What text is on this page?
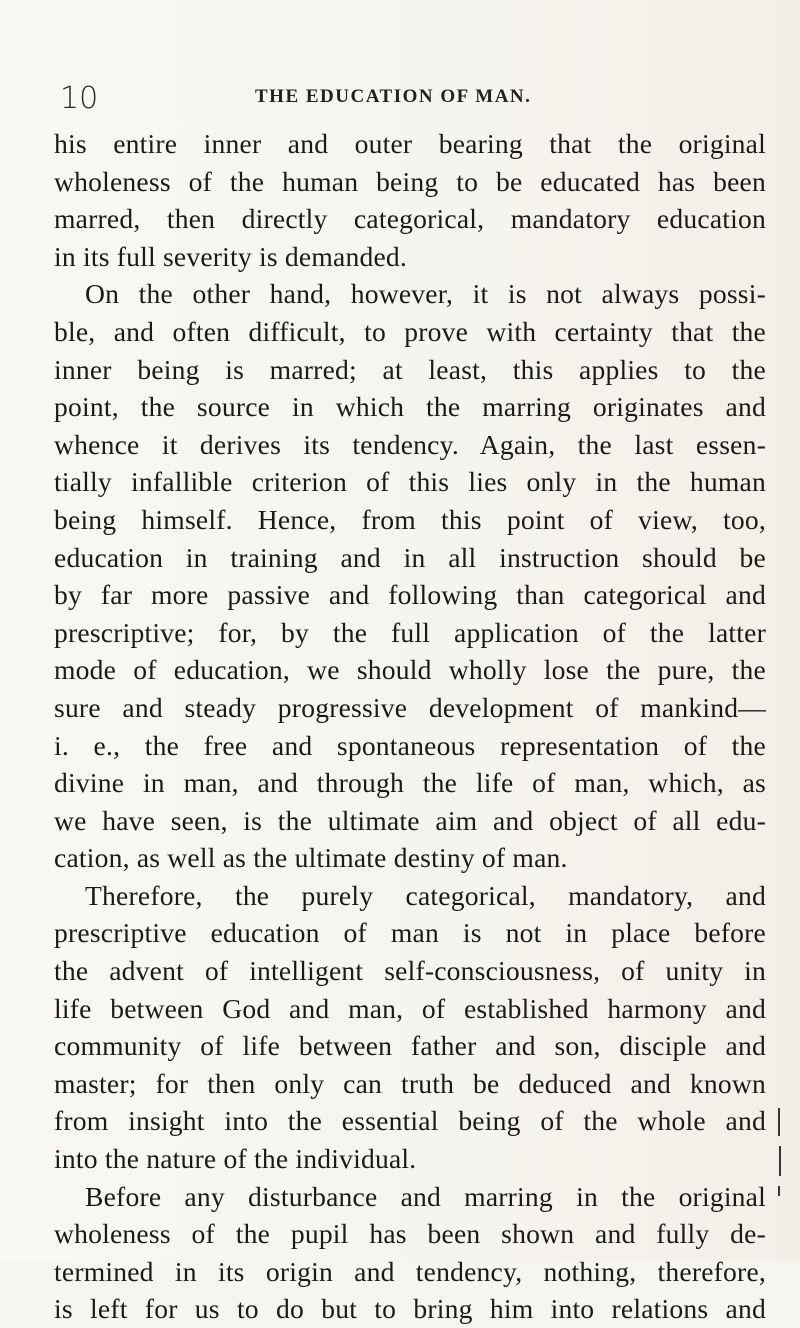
10	THE EDUCATION OF MAN.
his entire inner and outer bearing that the original
wholeness of the human being to be educated has been
marred, then directly categorical, mandatory education
in its full severity is demanded.
On the other hand, however, it is not always possi-
ble, and often difficult, to prove with certainty that the
inner being is marred; at least, this applies to the
point, the source in which the marring originates and
whence it derives its tendency. Again, the last essen-
tially infallible criterion of this lies only in the human
being himself. Hence, from this point of view, too,
education in training and in all instruction should be
by far more passive and following than categorical and
prescriptive; for, by the full application of the latter
mode of education, we should wholly lose the pure, the
sure and steady progressive development of mankind—
i. e., the free and spontaneous representation of the
divine in man, and through the life of man, which, as
we have seen, is the ultimate aim and object of all edu-
cation, as well as the ultimate destiny of man.
Therefore, the purely categorical, mandatory, and
prescriptive education of man is not in place before
the advent of intelligent self-consciousness, of unity in
life between God and man, of established harmony and
community of life between father and son, disciple and
master; for then only can truth be deduced and known
from insight into the essential being of the whole and
into the nature of the individual.
Before any disturbance and marring in the original
wholeness of the pupil has been shown and fully de-
termined in its origin and tendency, nothing, therefore,
is left for us to do but to bring him into relations and
